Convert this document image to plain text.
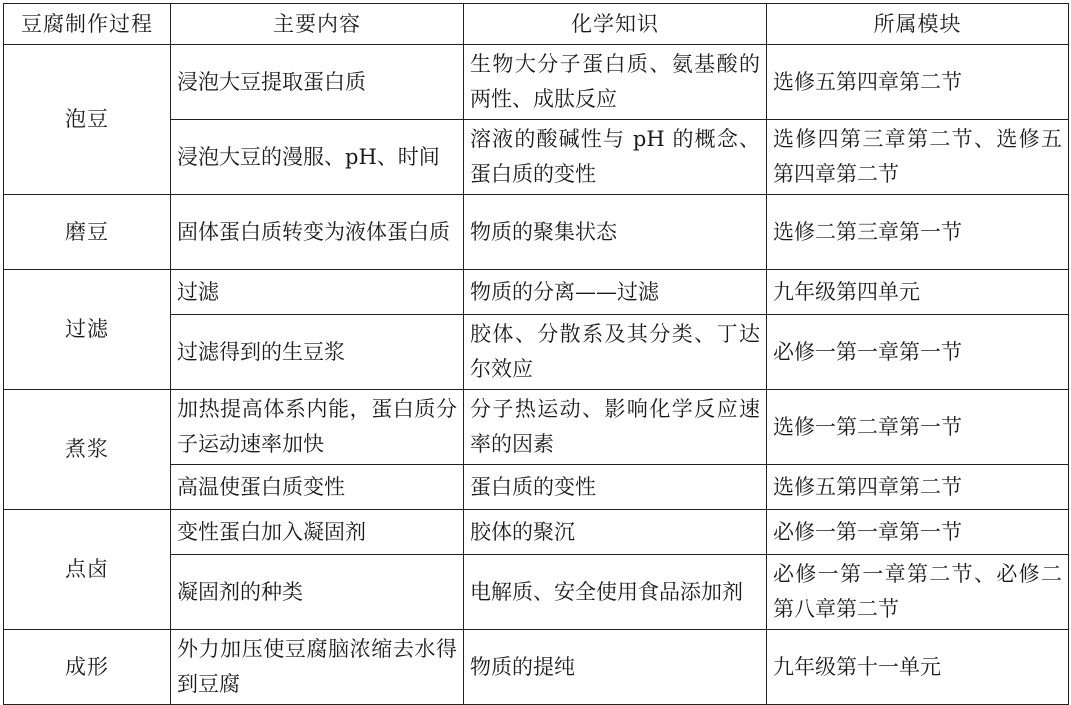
豆腐制作过程	主要内容	化学知识	所属模块
泡豆	浸泡大豆提取蛋白质	生物大分子蛋白质、氨基酸的两性、成肽反应	选修五第四章第二节
	浸泡大豆的漫服、pH、时间	溶液的酸碱性与 pH 的概念、蛋白质的变性	选修四第三章第二节、选修五第四章第二节
磨豆	固体蛋白质转变为液体蛋白质	物质的聚集状态	选修二第三章第一节
过滤	过滤	物质的分离——过滤	九年级第四单元
	过滤得到的生豆浆	胶体、分散系及其分类、丁达尔效应	必修一第一章第一节
煮浆	加热提高体系内能，蛋白质分子运动速率加快	分子热运动、影响化学反应速率的因素	选修一第二章第一节
	高温使蛋白质变性	蛋白质的变性	选修五第四章第二节
点卤	变性蛋白加入凝固剂	胶体的聚沉	必修一第一章第一节
	凝固剂的种类	电解质、安全使用食品添加剂	必修一第一章第二节、必修二第八章第二节
成形	外力加压使豆腐脑浓缩去水得到豆腐	物质的提纯	九年级第十一单元
